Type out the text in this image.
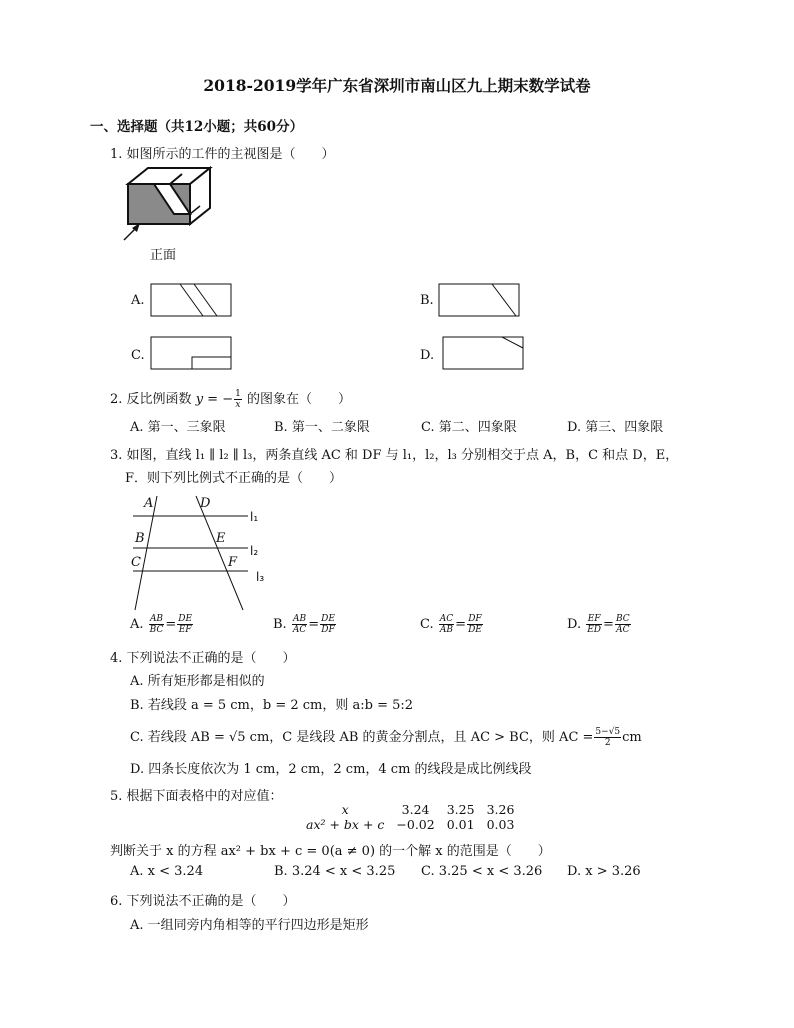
2018-2019学年广东省深圳市南山区九上期末数学试卷
一、选择题（共12小题；共60分）
1. 如图所示的工件的主视图是（　　）
正面
A.	B.
C.	D.
2. 反比例函数 y = − $\frac{1}{x}$ 的图象在（　　）
A. 第一、三象限	B. 第一、二象限	C. 第二、四象限	D. 第三、四象限
3. 如图，直线 l₁ ∥ l₂ ∥ l₃，两条直线 AC 和 DF 与 l₁，l₂，l₃ 分别相交于点 A，B，C 和点 D，E，
F．则下列比例式不正确的是（　　）
A	D
l₁
B	E
l₂
C	F
l₃
A. $\frac{AB}{BC} = \frac{DE}{EF}$	B. $\frac{AB}{AC} = \frac{DE}{DF}$	C. $\frac{AC}{AB} = \frac{DF}{DE}$	D. $\frac{EF}{ED} = \frac{BC}{AC}$
4. 下列说法不正确的是（　　）
A. 所有矩形都是相似的
B. 若线段 a = 5 cm，b = 2 cm，则 a:b = 5:2
C. 若线段 AB = √5 cm，C 是线段 AB 的黄金分割点，且 AC > BC，则 AC = $\frac{5-√5}{2}$ cm
D. 四条长度依次为 1 cm，2 cm，2 cm，4 cm 的线段是成比例线段
5. 根据下面表格中的对应值：
x	3.24	3.25	3.26
ax² + bx + c	−0.02	0.01	0.03
判断关于 x 的方程 ax² + bx + c = 0(a ≠ 0) 的一个解 x 的范围是（　　）
A. x < 3.24	B. 3.24 < x < 3.25 C. 3.25 < x < 3.26 D. x > 3.26
6. 下列说法不正确的是（　　）
A. 一组同旁内角相等的平行四边形是矩形
